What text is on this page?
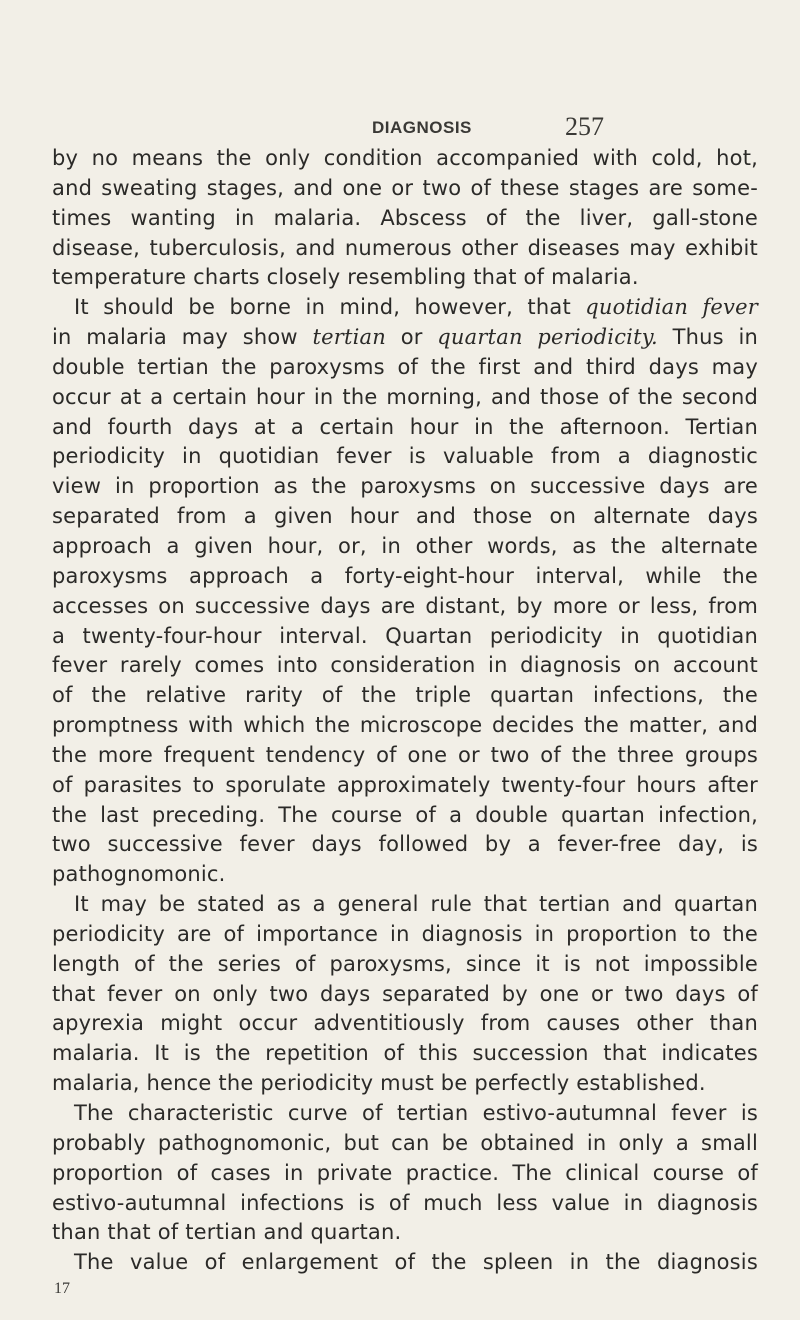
DIAGNOSIS	257
by no means the only condition accompanied with cold, hot,
and sweating stages, and one or two of these stages are some-
times wanting in malaria. Abscess of the liver, gall-stone
disease, tuberculosis, and numerous other diseases may exhibit
temperature charts closely resembling that of malaria.
It should be borne in mind, however, that quotidian fever
in malaria may show tertian or quartan periodicity. Thus in
double tertian the paroxysms of the first and third days may
occur at a certain hour in the morning, and those of the second
and fourth days at a certain hour in the afternoon. Tertian
periodicity in quotidian fever is valuable from a diagnostic
view in proportion as the paroxysms on successive days are
separated from a given hour and those on alternate days
approach a given hour, or, in other words, as the alternate
paroxysms approach a forty-eight-hour interval, while the
accesses on successive days are distant, by more or less, from
a twenty-four-hour interval. Quartan periodicity in quotidian
fever rarely comes into consideration in diagnosis on account
of the relative rarity of the triple quartan infections, the
promptness with which the microscope decides the matter, and
the more frequent tendency of one or two of the three groups
of parasites to sporulate approximately twenty-four hours after
the last preceding. The course of a double quartan infection,
two successive fever days followed by a fever-free day, is
pathognomonic.
It may be stated as a general rule that tertian and quartan
periodicity are of importance in diagnosis in proportion to the
length of the series of paroxysms, since it is not impossible
that fever on only two days separated by one or two days of
apyrexia might occur adventitiously from causes other than
malaria. It is the repetition of this succession that indicates
malaria, hence the periodicity must be perfectly established.
The characteristic curve of tertian estivo-autumnal fever is
probably pathognomonic, but can be obtained in only a small
proportion of cases in private practice. The clinical course of
estivo-autumnal infections is of much less value in diagnosis
than that of tertian and quartan.
The value of enlargement of the spleen in the diagnosis
17
